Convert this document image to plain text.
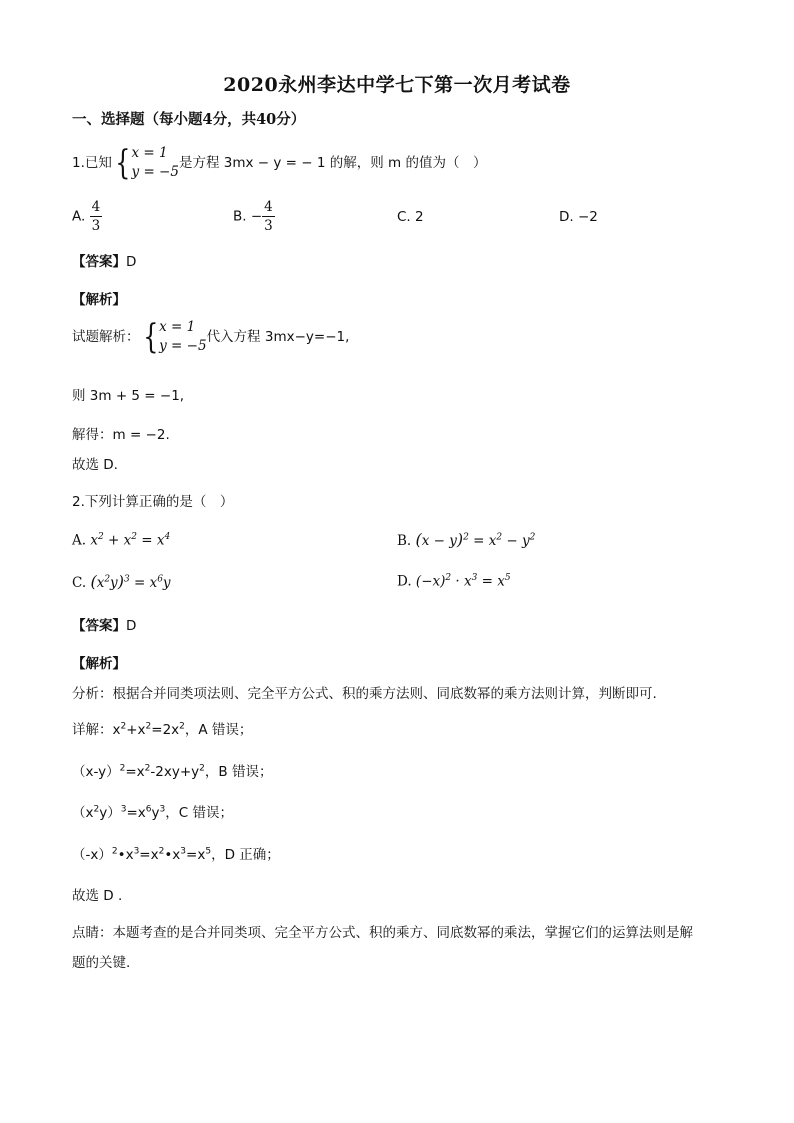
2020永州李达中学七下第一次月考试卷
一、选择题（每小题4分，共40分）
1.已知{ x = 1
y = −5
是方程 3mx − y = − 1 的解，则 m 的值为（　）
A. $\frac{4}{3}$	B. − $\frac{4}{3}$	C. 2	D. −2
【答案】D
【解析】
试题解析：{ x = 1
y = −5
代入方程 3mx−y=−1,
则 3m + 5 = −1,
解得：m = −2.
故选 D.
2.下列计算正确的是（　）
A. $x^2 + x^2 = x^4$	B. $(x - y)^2 = x^2 - y^2$
C. $(x^2y)^3 = x^6y$	D. $(-x)^2 \cdot x^3 = x^5$
【答案】D
【解析】
分析：根据合并同类项法则、完全平方公式、积的乘方法则、同底数幂的乘方法则计算，判断即可.
详解：$x^2+x^2=2x^2$，A 错误；
$(x-y)^2=x^2-2xy+y^2$，B 错误；
$(x^2y)^3=x^6y^3$，C 错误；
$(-x)^2•x^3=x^2•x^3=x^5$，D 正确；
故选 D .
点睛：本题考查的是合并同类项、完全平方公式、积的乘方、同底数幂的乘法，掌握它们的运算法则是解
题的关键.
